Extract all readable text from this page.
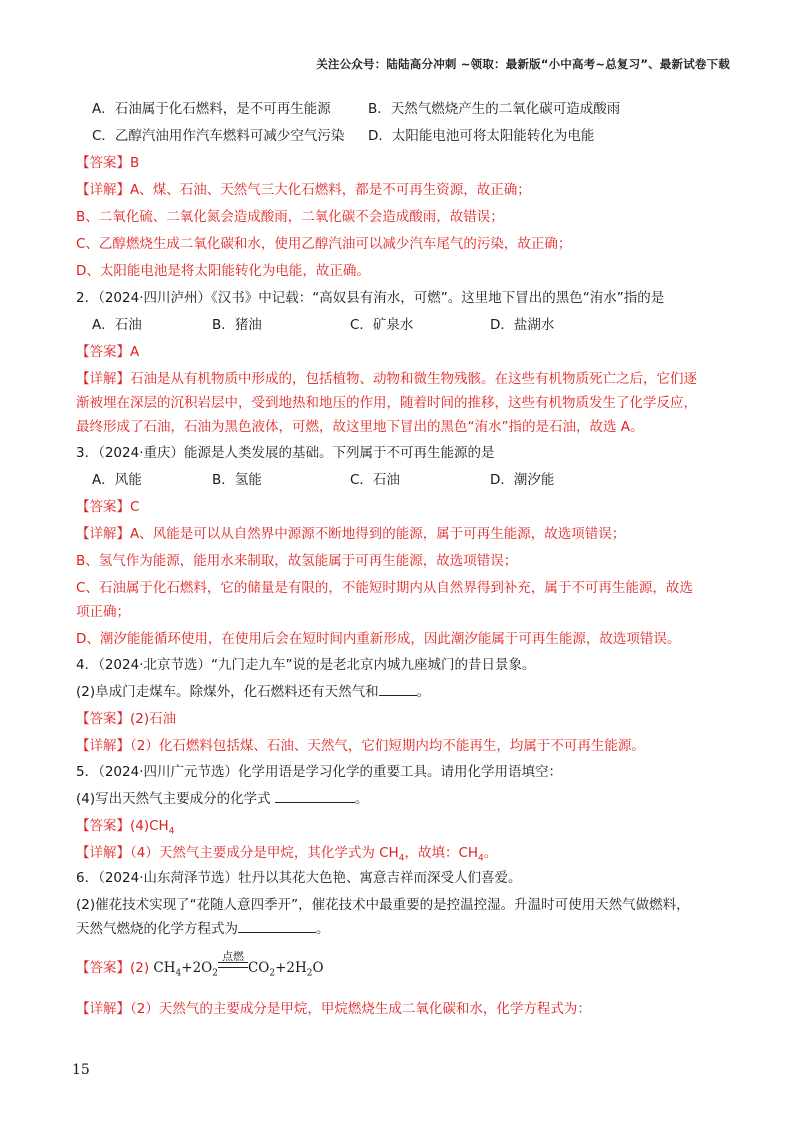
关注公众号：陆陆高分冲刺 ~领取：最新版“小中高考~总复习”、最新试卷下载
A．石油属于化石燃料，是不可再生能源	B．天然气燃烧产生的二氧化碳可造成酸雨
C．乙醇汽油用作汽车燃料可减少空气污染 D．太阳能电池可将太阳能转化为电能
【答案】B
【详解】A、煤、石油、天然气三大化石燃料，都是不可再生资源，故正确；
B、二氧化硫、二氧化氮会造成酸雨，二氧化碳不会造成酸雨，故错误；
C、乙醇燃烧生成二氧化碳和水，使用乙醇汽油可以减少汽车尾气的污染，故正确；
D、太阳能电池是将太阳能转化为电能，故正确。
2．（2024·四川泸州）《汉书》中记载：“高奴县有洧水，可燃”。这里地下冒出的黑色“洧水”指的是
A．石油	B．猪油	C．矿泉水	D．盐湖水
【答案】A
【详解】石油是从有机物质中形成的，包括植物、动物和微生物残骸。在这些有机物质死亡之后，它们逐
渐被埋在深层的沉积岩层中，受到地热和地压的作用，随着时间的推移，这些有机物质发生了化学反应，
最终形成了石油，石油为黑色液体，可燃，故这里地下冒出的黑色“洧水”指的是石油，故选 A。
3．（2024·重庆）能源是人类发展的基础。下列属于不可再生能源的是
A．风能	B．氢能	C．石油	D．潮汐能
【答案】C
【详解】A、风能是可以从自然界中源源不断地得到的能源，属于可再生能源，故选项错误；
B、氢气作为能源，能用水来制取，故氢能属于可再生能源，故选项错误；
C、石油属于化石燃料，它的储量是有限的，不能短时期内从自然界得到补充，属于不可再生能源，故选
项正确；
D、潮汐能能循环使用，在使用后会在短时间内重新形成，因此潮汐能属于可再生能源，故选项错误。
4．（2024·北京节选）“九门走九车”说的是老北京内城九座城门的昔日景象。
(2)阜成门走煤车。除煤外，化石燃料还有天然气和	。
【答案】(2)石油
【详解】（2）化石燃料包括煤、石油、天然气，它们短期内均不能再生，均属于不可再生能源。
5．（2024·四川广元节选）化学用语是学习化学的重要工具。请用化学用语填空：
(4)写出天然气主要成分的化学式	。
【答案】$(4)CH_4$
【详解】（4）天然气主要成分是甲烷，其化学式为 $CH_4$，故填：$CH_4$。
6．（2024·山东菏泽节选）牡丹以其花大色艳、寓意吉祥而深受人们喜爱。
(2)催花技术实现了“花随人意四季开”，催花技术中最重要的是控温控湿。升温时可使用天然气做燃料，
天然气燃烧的化学方程式为	。
【答案】(2) $CH_4+2O_2$
点燃
$CO_2+2H_2O$
【详解】（2）天然气的主要成分是甲烷，甲烷燃烧生成二氧化碳和水，化学方程式为：
15
